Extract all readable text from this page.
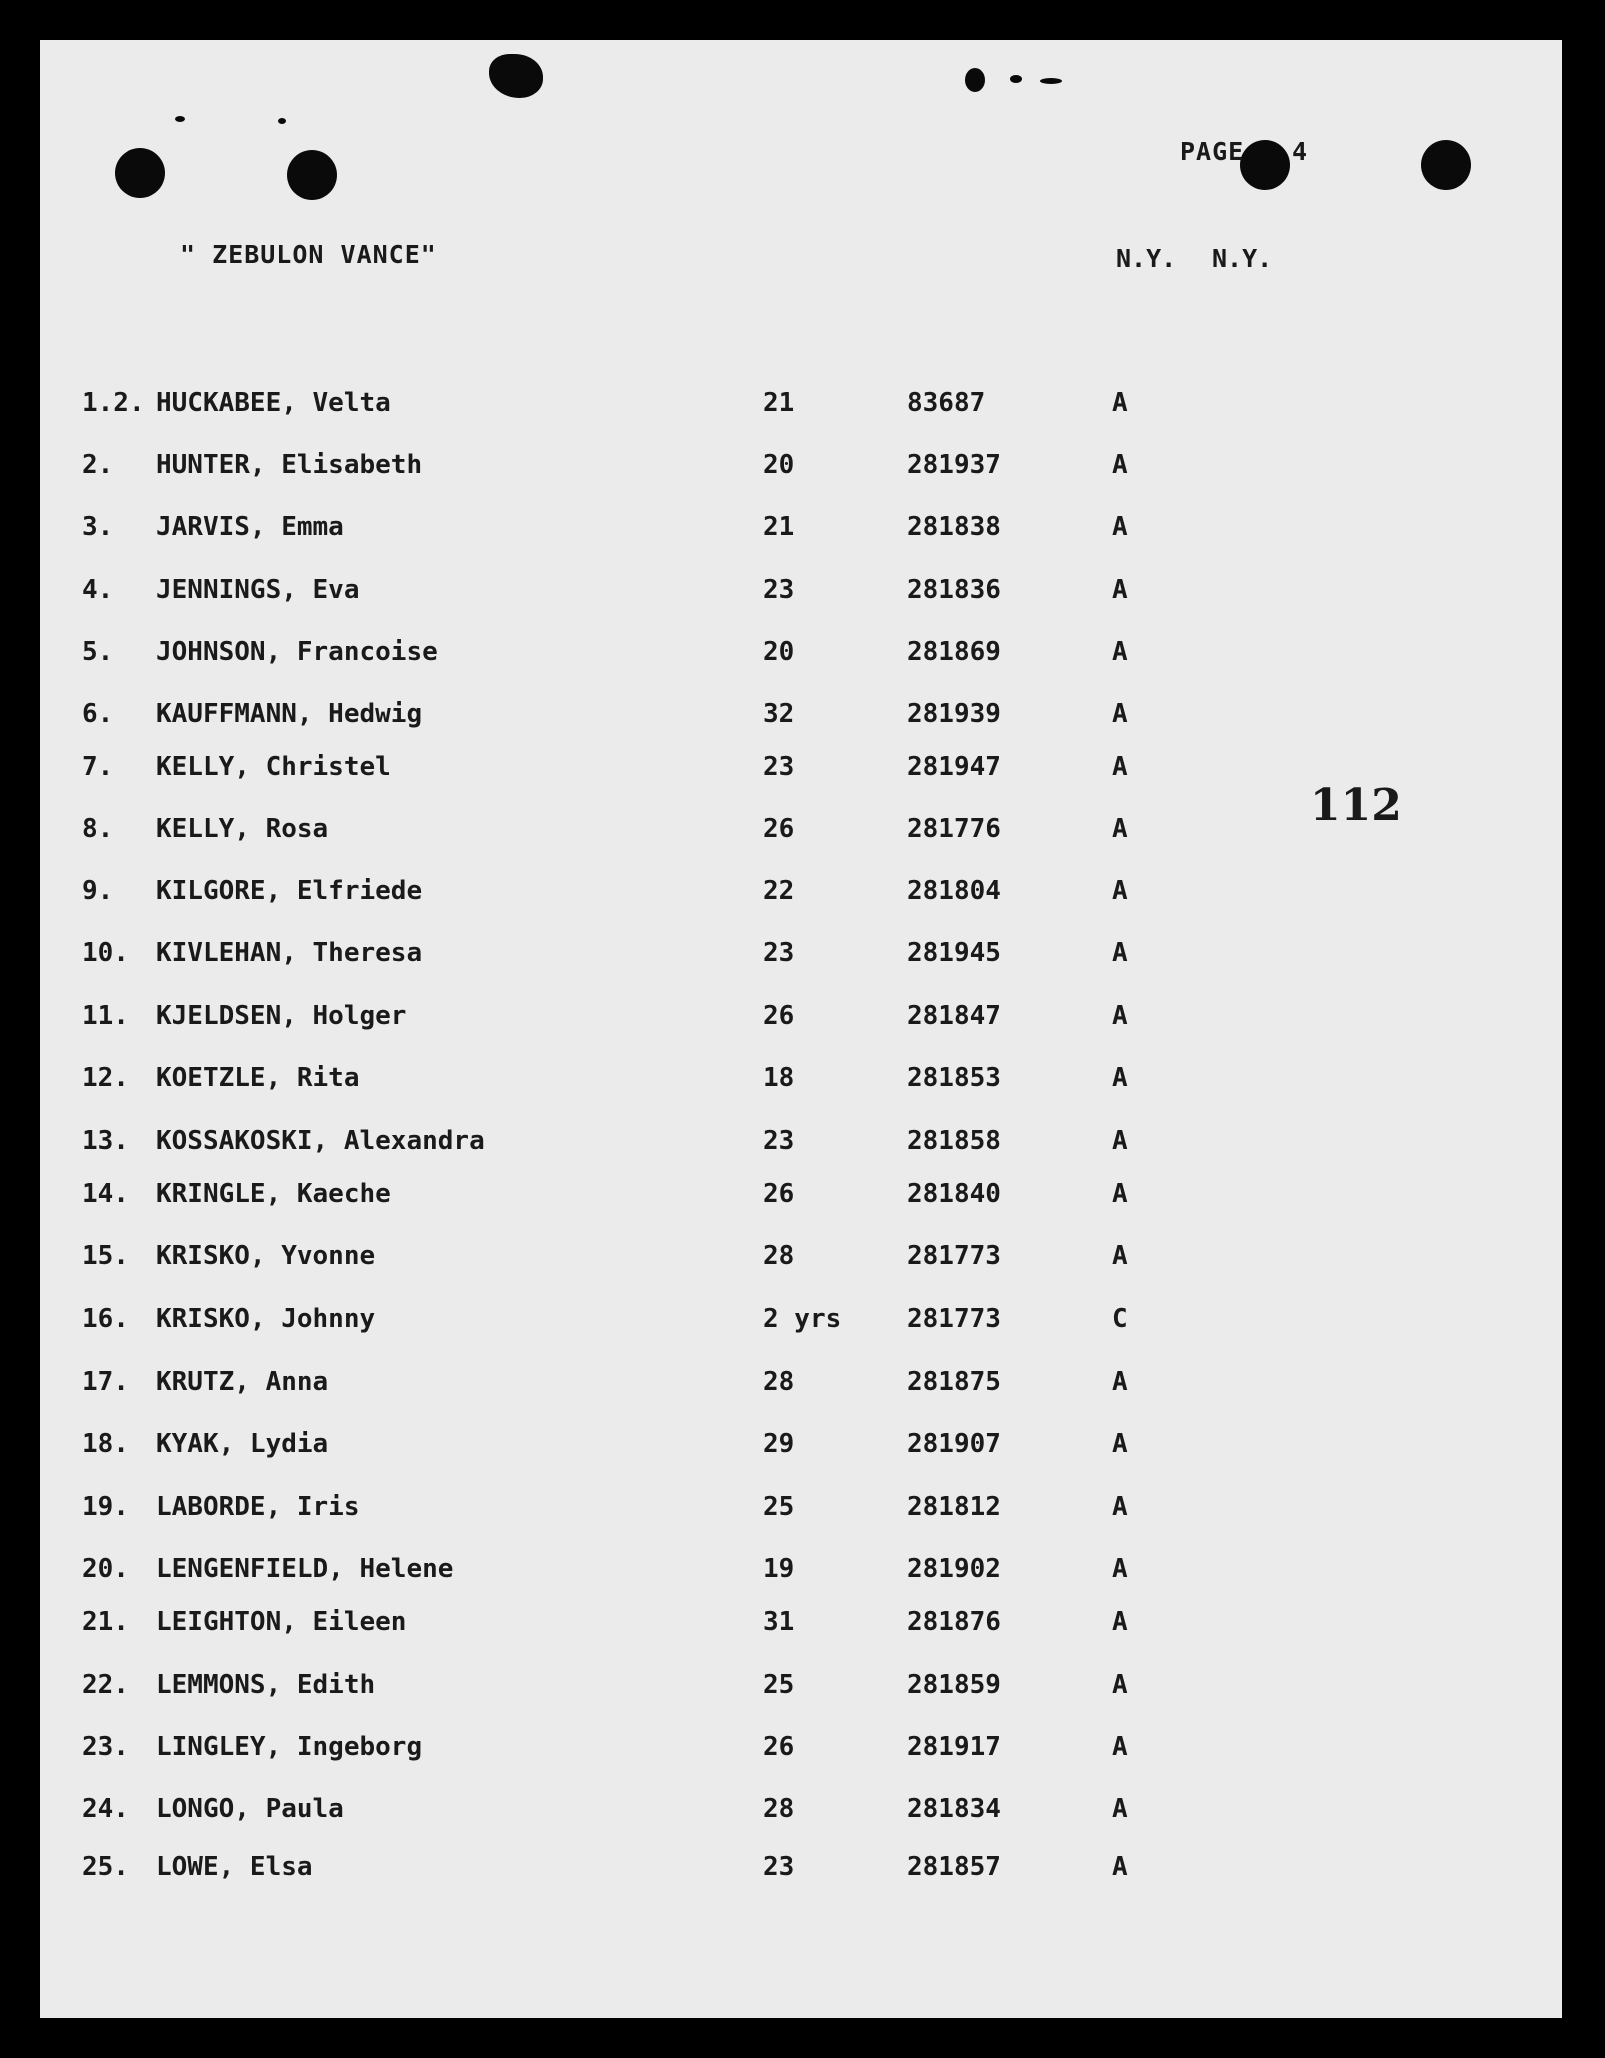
PAGE 4
" ZEBULON VANCE"	N.Y. N.Y.
112
1.2. HUCKABEE, Velta	21	83687	A
2. HUNTER, Elisabeth	20	281937	A
3. JARVIS, Emma	21	281838	A
4. JENNINGS, Eva	23	281836	A
5. JOHNSON, Francoise	20	281869	A
6. KAUFFMANN, Hedwig	32	281939	A
7. KELLY, Christel	23	281947	A
8. KELLY, Rosa	26	281776	A
9. KILGORE, Elfriede	22	281804	A
10. KIVLEHAN, Theresa	23	281945	A
11. KJELDSEN, Holger	26	281847	A
12. KOETZLE, Rita	18	281853	A
13. KOSSAKOSKI, Alexandra	23	281858	A
14. KRINGLE, Kaeche	26	281840	A
15. KRISKO, Yvonne	28	281773	A
16. KRISKO, Johnny	2 yrs	281773	C
17. KRUTZ, Anna	28	281875	A
18. KYAK, Lydia	29	281907	A
19. LABORDE, Iris	25	281812	A
20. LENGENFIELD, Helene	19	281902	A
21. LEIGHTON, Eileen	31	281876	A
22. LEMMONS, Edith	25	281859	A
23. LINGLEY, Ingeborg	26	281917	A
24. LONGO, Paula	28	281834	A
25. LOWE, Elsa	23	281857	A
